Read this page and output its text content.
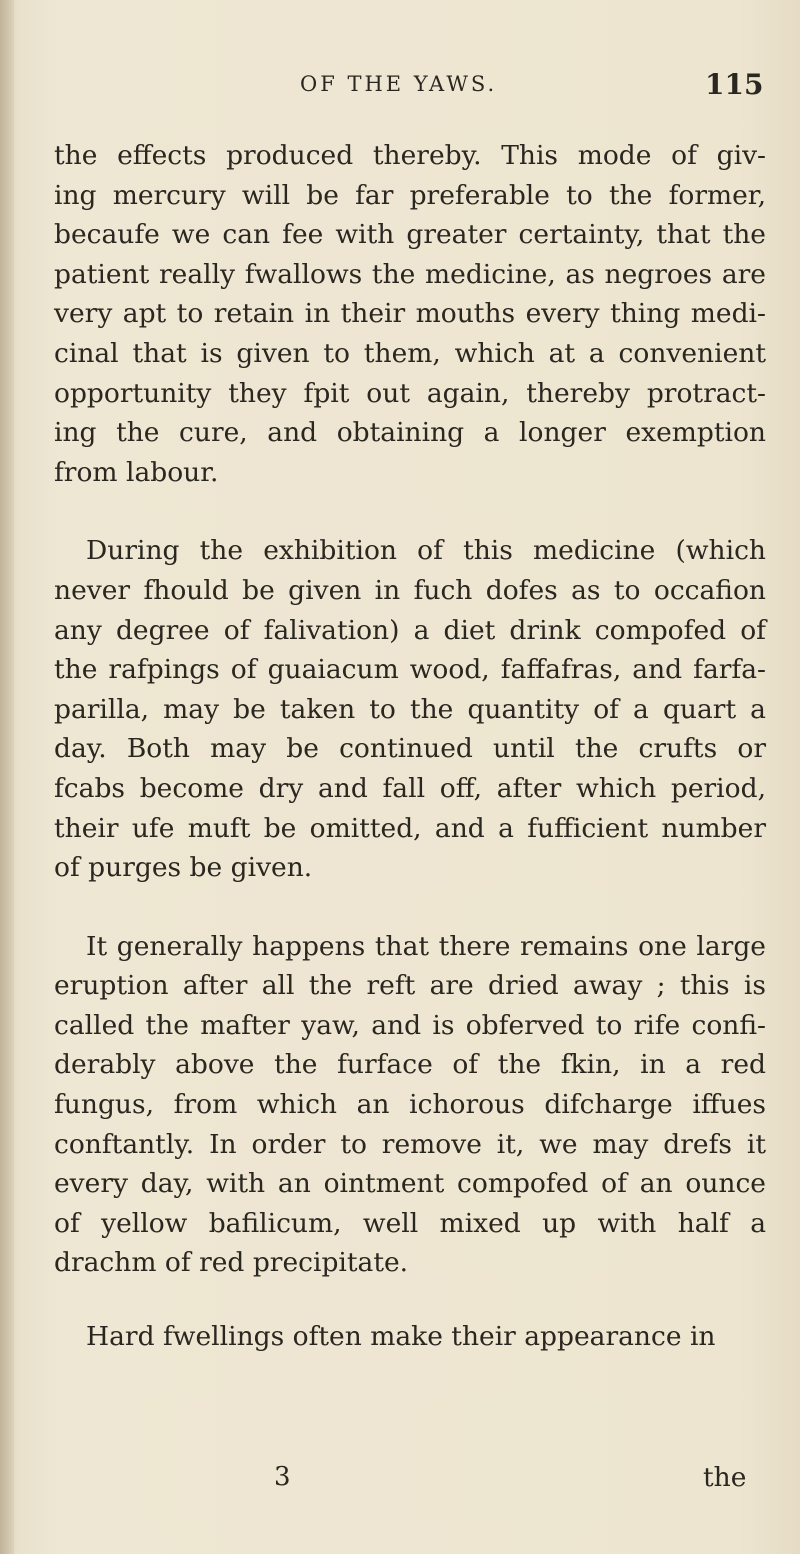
OF THE YAWS.	115
the effects produced thereby. This mode of giv-
ing mercury will be far preferable to the former,
becaufe we can fee with greater certainty, that the
patient really fwallows the medicine, as negroes are
very apt to retain in their mouths every thing medi-
cinal that is given to them, which at a convenient
opportunity they fpit out again, thereby protract-
ing the cure, and obtaining a longer exemption
from labour.
During the exhibition of this medicine (which
never fhould be given in fuch dofes as to occafion
any degree of falivation) a diet drink compofed of
the rafpings of guaiacum wood, faffafras, and farfa-
parilla, may be taken to the quantity of a quart a
day. Both may be continued until the crufts or
fcabs become dry and fall off, after which period,
their ufe muft be omitted, and a fufficient number
of purges be given.
It generally happens that there remains one large
eruption after all the reft are dried away ; this is
called the mafter yaw, and is obferved to rife confi-
derably above the furface of the fkin, in a red
fungus, from which an ichorous difcharge iffues
conftantly. In order to remove it, we may drefs it
every day, with an ointment compofed of an ounce
of yellow bafilicum, well mixed up with half a
drachm of red precipitate.
Hard fwellings often make their appearance in
3	the
